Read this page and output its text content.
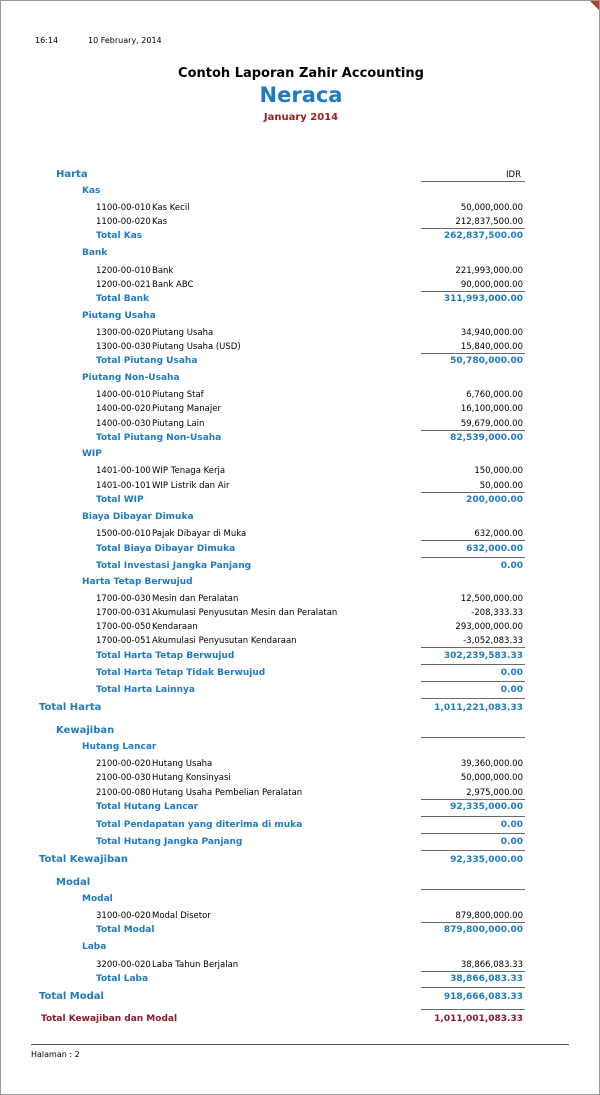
16:14	10 February, 2014
Contoh Laporan Zahir Accounting
Neraca
January 2014
Harta	IDR
Kas
1100-00-010 Kas Kecil	50,000,000.00
1100-00-020 Kas	212,837,500.00
Total Kas	262,837,500.00
Bank
1200-00-010 Bank	221,993,000.00
1200-00-021 Bank ABC	90,000,000.00
Total Bank	311,993,000.00
Piutang Usaha
1300-00-020 Piutang Usaha	34,940,000.00
1300-00-030 Piutang Usaha (USD)	15,840,000.00
Total Piutang Usaha	50,780,000.00
Piutang Non-Usaha
1400-00-010 Piutang Staf	6,760,000.00
1400-00-020 Piutang Manajer	16,100,000.00
1400-00-030 Piutang Lain	59,679,000.00
Total Piutang Non-Usaha	82,539,000.00
WIP
1401-00-100 WIP Tenaga Kerja	150,000.00
1401-00-101 WIP Listrik dan Air	50,000.00
Total WIP	200,000.00
Biaya Dibayar Dimuka
1500-00-010 Pajak Dibayar di Muka	632,000.00
Total Biaya Dibayar Dimuka	632,000.00
Total Investasi Jangka Panjang	0.00
Harta Tetap Berwujud
1700-00-030 Mesin dan Peralatan	12,500,000.00
1700-00-031 Akumulasi Penyusutan Mesin dan Peralatan	-208,333.33
1700-00-050 Kendaraan	293,000,000.00
1700-00-051 Akumulasi Penyusutan Kendaraan	-3,052,083.33
Total Harta Tetap Berwujud	302,239,583.33
Total Harta Tetap Tidak Berwujud	0.00
Total Harta Lainnya	0.00
Total Harta	1,011,221,083.33
Kewajiban
Hutang Lancar
2100-00-020 Hutang Usaha	39,360,000.00
2100-00-030 Hutang Konsinyasi	50,000,000.00
2100-00-080 Hutang Usaha Pembelian Peralatan	2,975,000.00
Total Hutang Lancar	92,335,000.00
Total Pendapatan yang diterima di muka	0.00
Total Hutang Jangka Panjang	0.00
Total Kewajiban	92,335,000.00
Modal
Modal
3100-00-020 Modal Disetor	879,800,000.00
Total Modal	879,800,000.00
Laba
3200-00-020 Laba Tahun Berjalan	38,866,083.33
Total Laba	38,866,083.33
Total Modal	918,666,083.33
Total Kewajiban dan Modal	1,011,001,083.33
Halaman : 2
